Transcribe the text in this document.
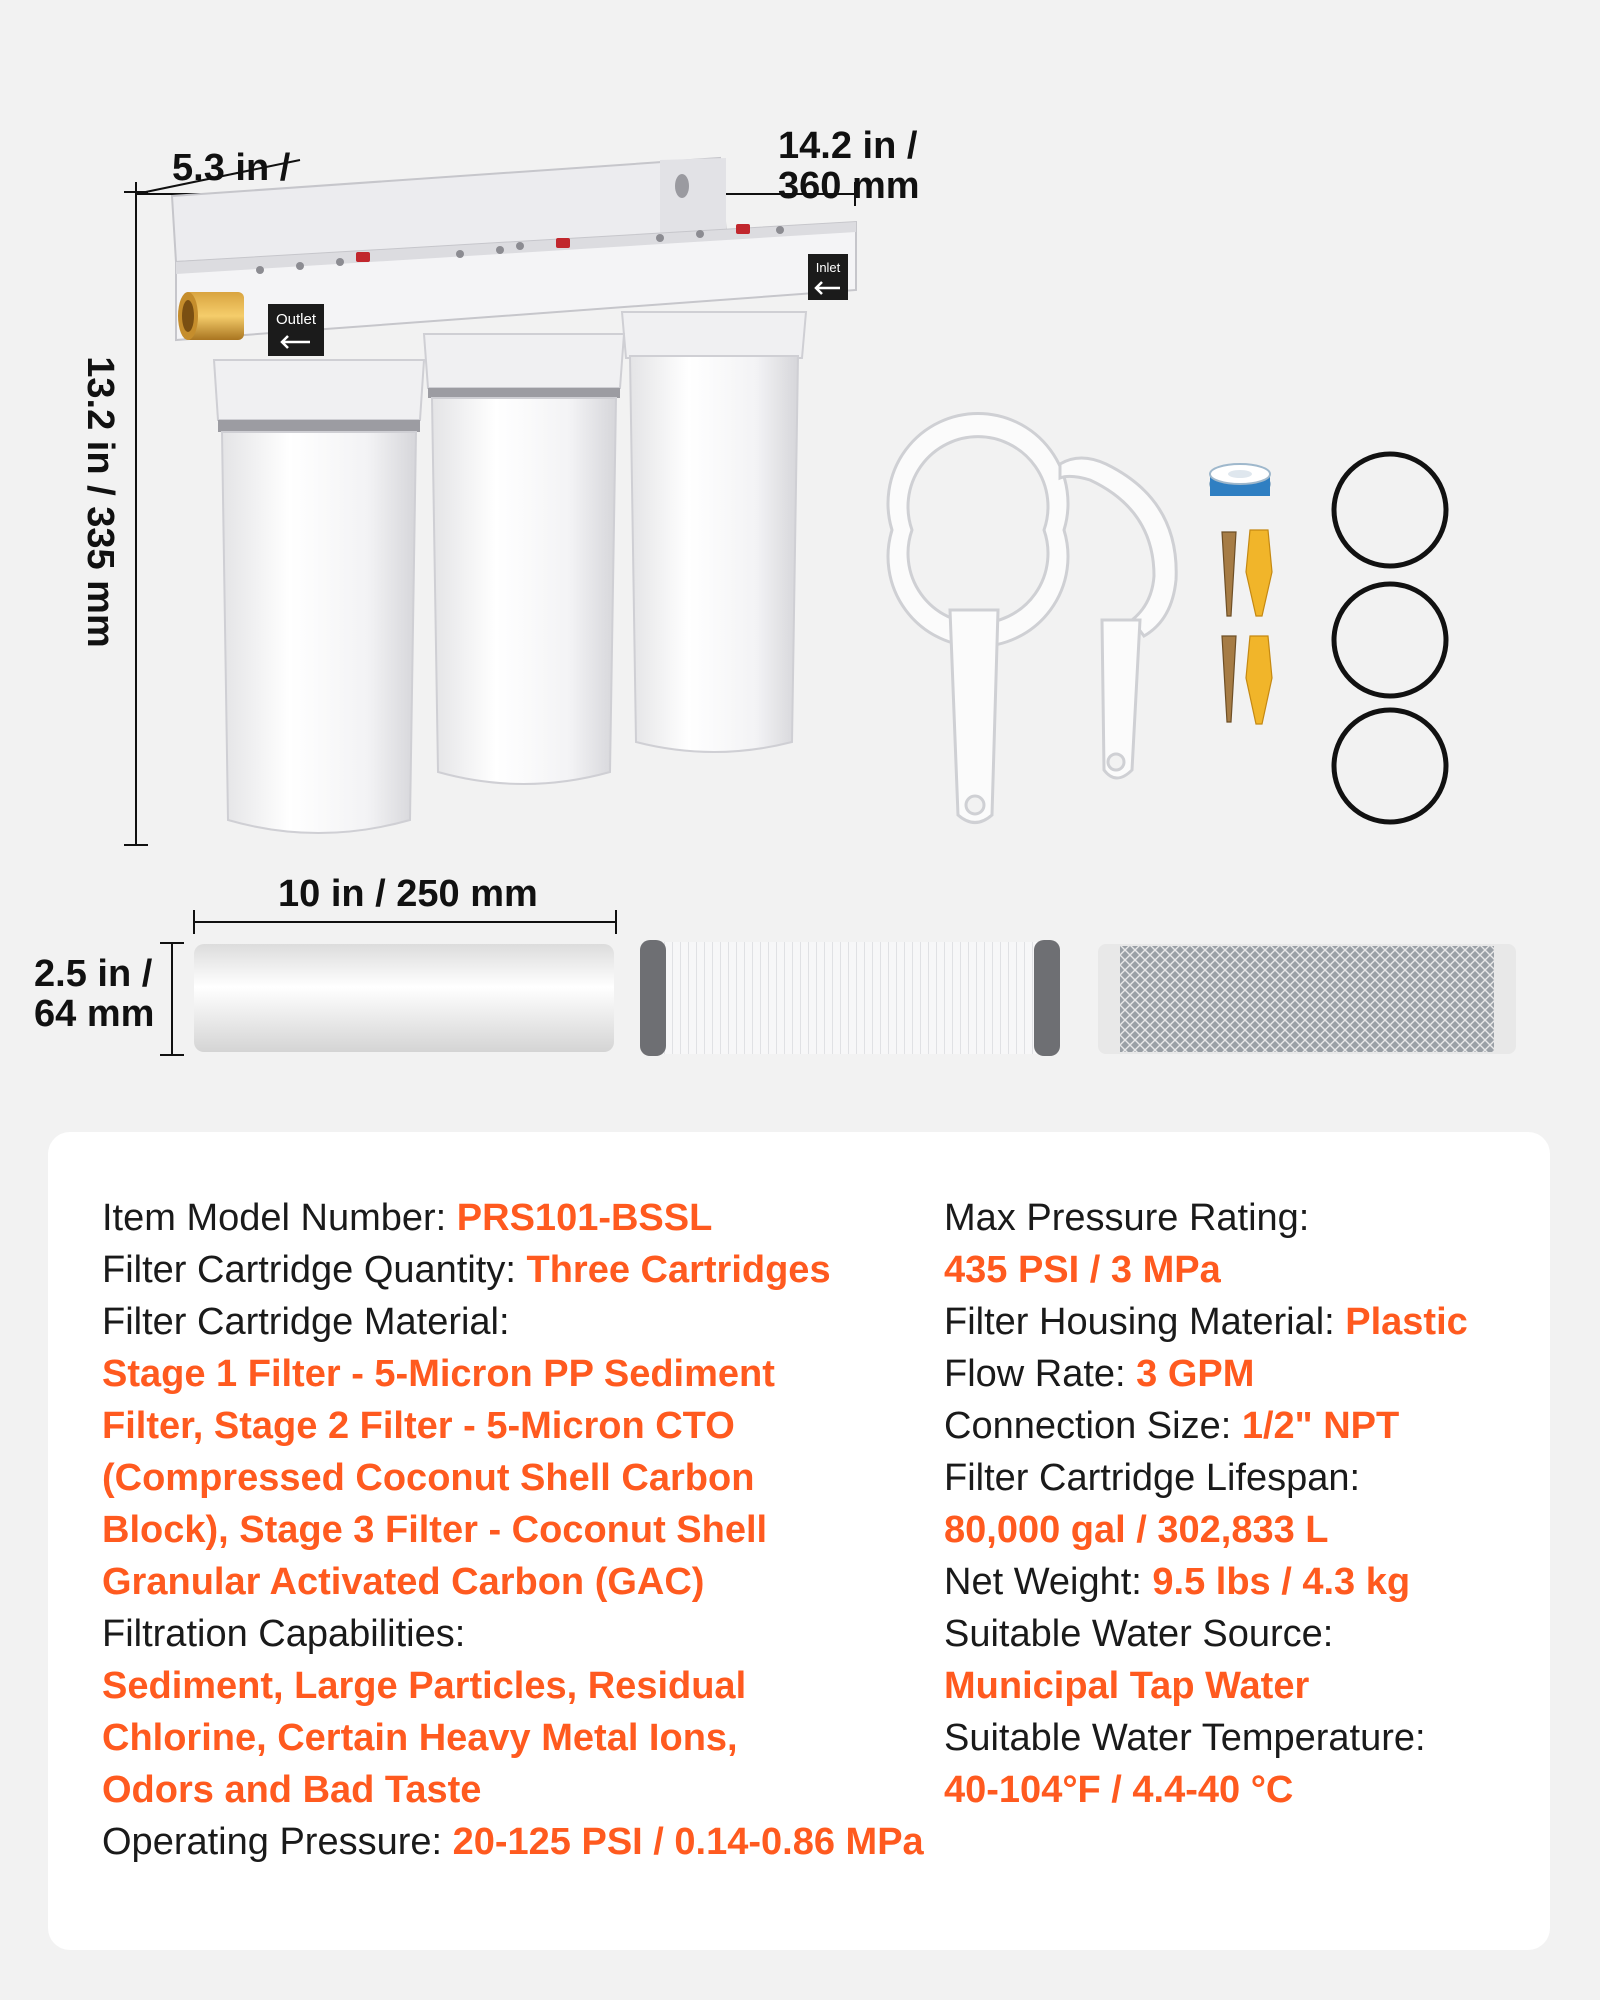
5.3 in /
14.2 in /
360 mm
13.2 in / 335 mm
10 in / 250 mm
2.5 in /
64 mm
Outlet
Inlet
Item Model Number: PRS101-BSSL
Filter Cartridge Quantity: Three Cartridges
Filter Cartridge Material:
Stage 1 Filter - 5-Micron PP Sediment
Filter, Stage 2 Filter - 5-Micron CTO
(Compressed Coconut Shell Carbon
Block), Stage 3 Filter - Coconut Shell
Granular Activated Carbon (GAC)
Filtration Capabilities:
Sediment, Large Particles, Residual
Chlorine, Certain Heavy Metal Ions,
Odors and Bad Taste
Operating Pressure: 20-125 PSI / 0.14-0.86 MPa
Max Pressure Rating:
435 PSI / 3 MPa
Filter Housing Material: Plastic
Flow Rate: 3 GPM
Connection Size: 1/2" NPT
Filter Cartridge Lifespan:
80,000 gal / 302,833 L
Net Weight: 9.5 lbs / 4.3 kg
Suitable Water Source:
Municipal Tap Water
Suitable Water Temperature:
40-104°F / 4.4-40 °C
